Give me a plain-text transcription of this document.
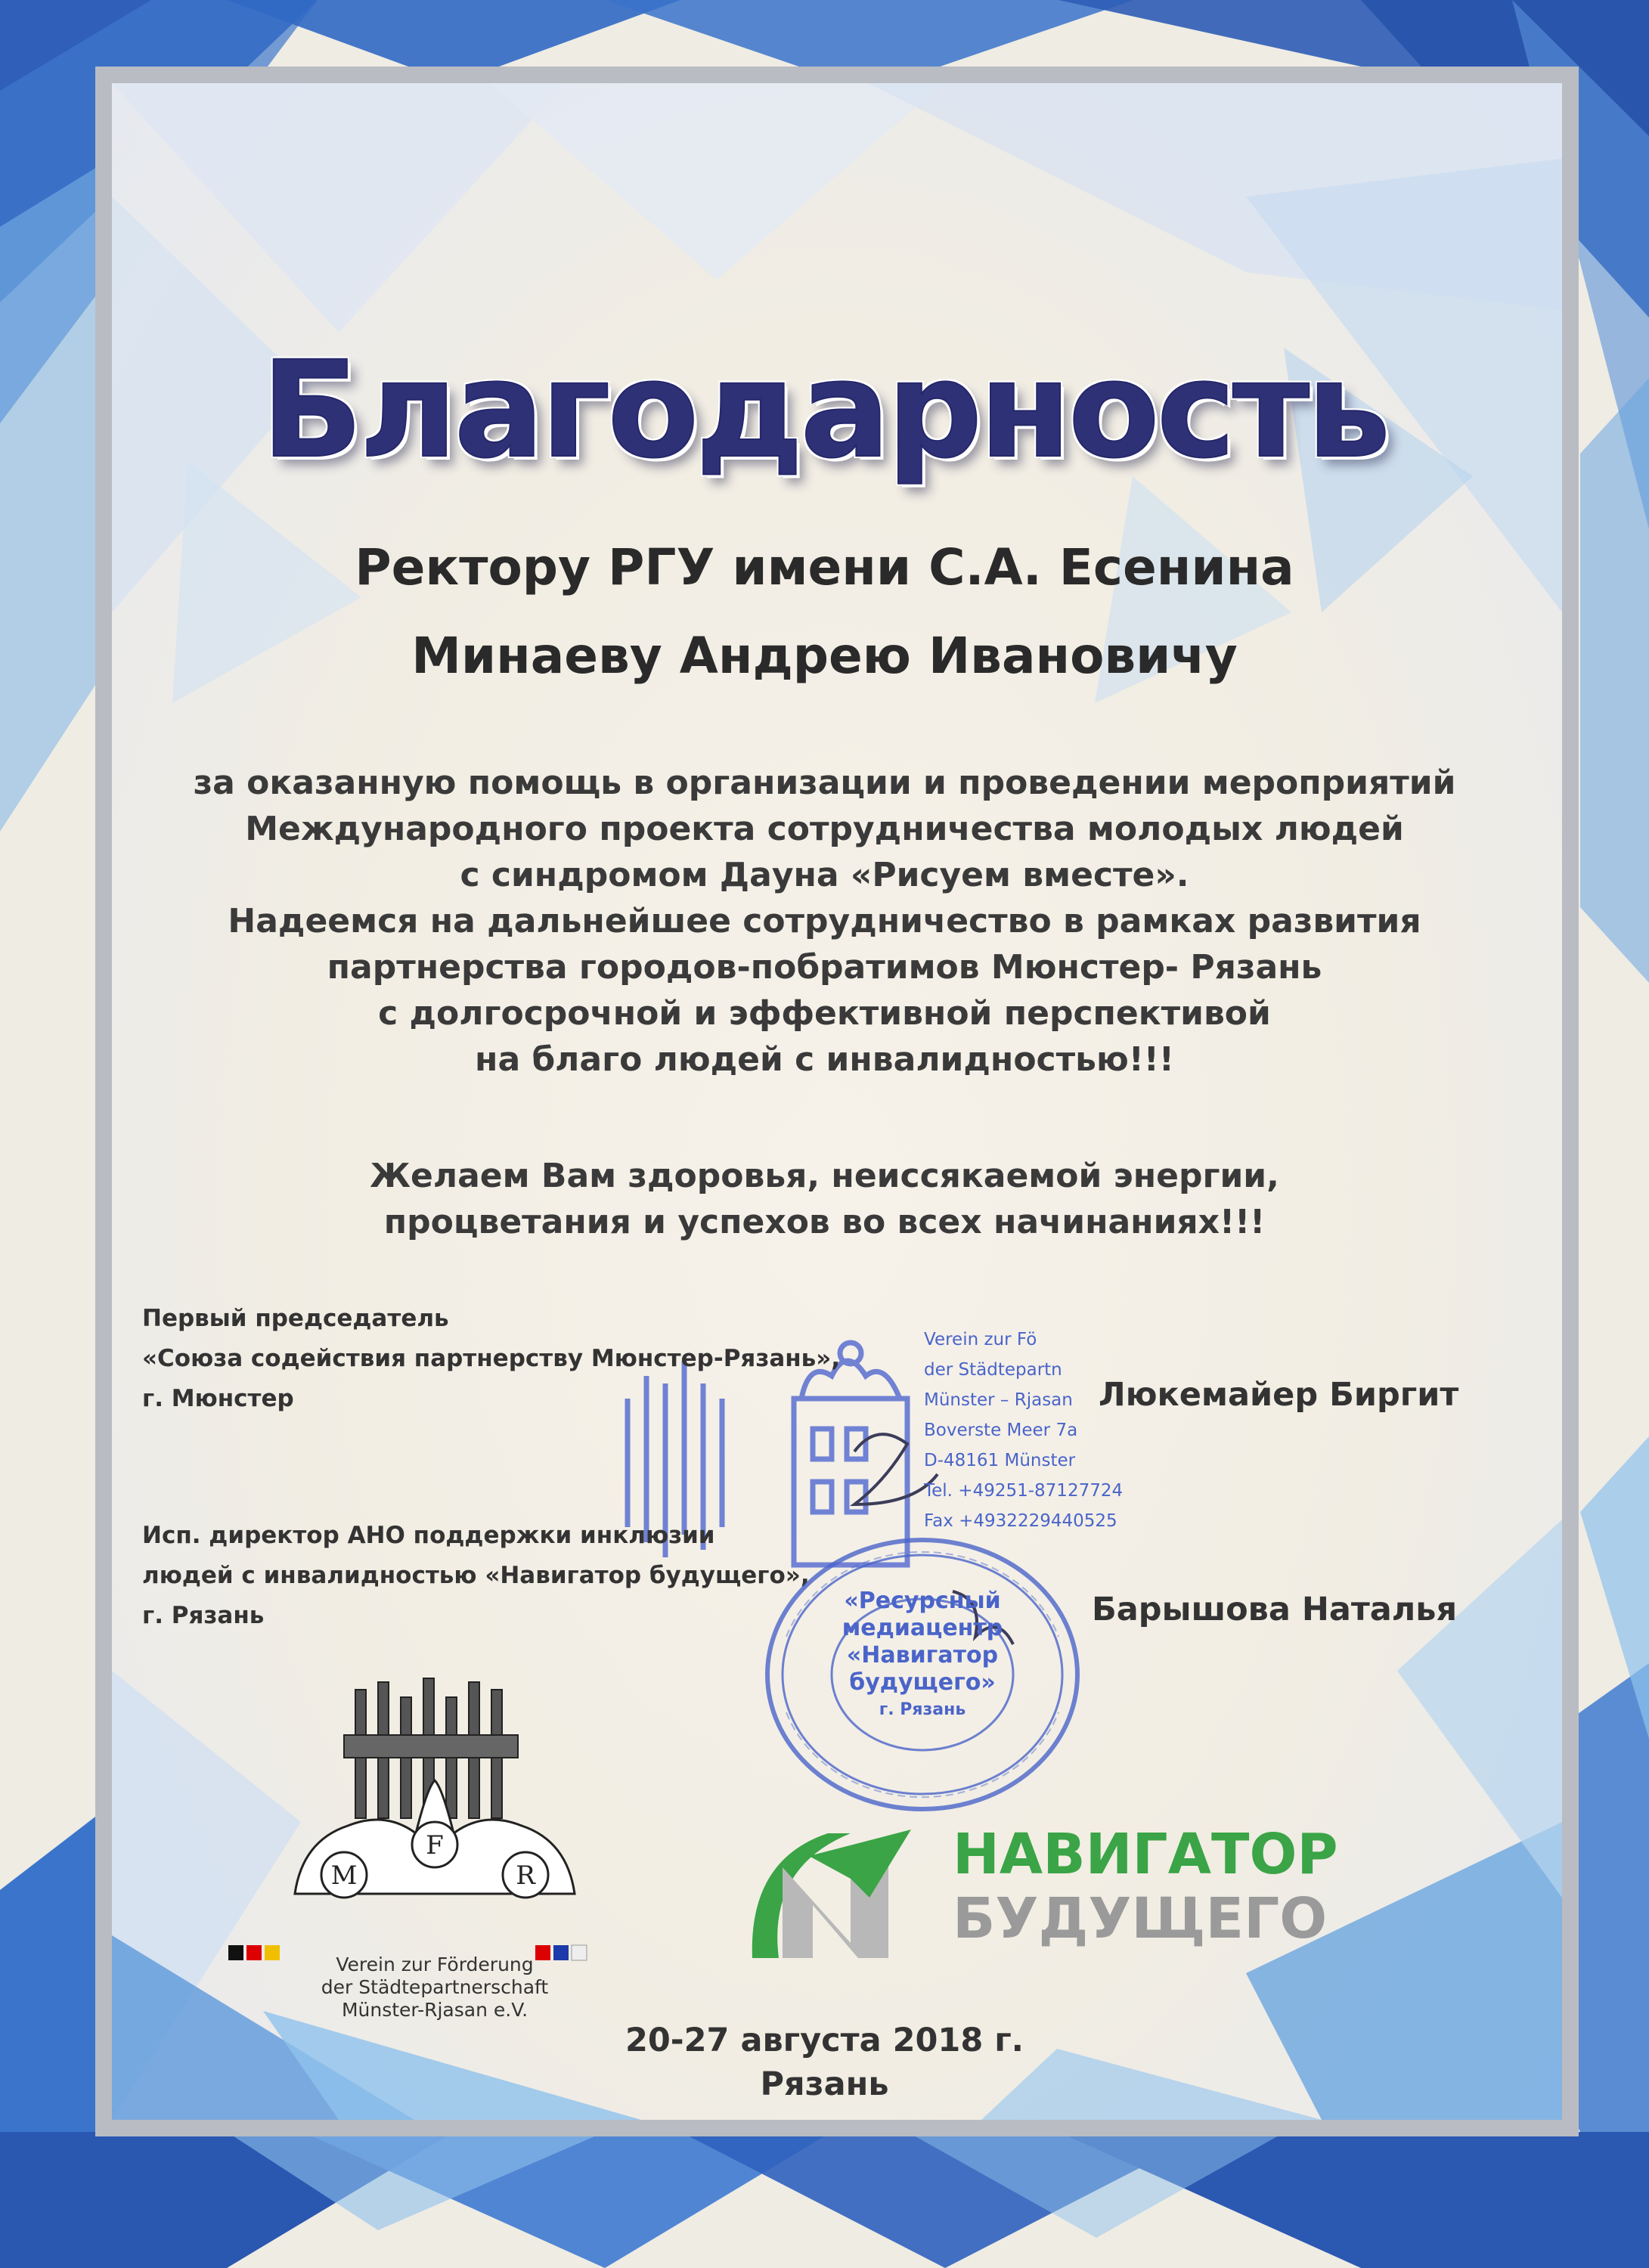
Благодарность
Ректору РГУ имени С.А. Есенина
Минаеву Андрею Ивановичу
за оказанную помощь в организации и проведении мероприятий
Международного проекта сотрудничества молодых людей
с синдромом Дауна «Рисуем вместе».
Надеемся на дальнейшее сотрудничество в рамках развития
партнерства городов-побратимов Мюнстер- Рязань
с долгосрочной и эффективной перспективой
на благо людей с инвалидностью!!!
Желаем Вам здоровья, неиссякаемой энергии,
процветания и успехов во всех начинаниях!!!
Verein zur Fö
der Städtepartn
Münster – Rjasan
Boverste Meer 7a
D-48161 Münster
Tel. +49251-87127724
Fax +4932229440525
Первый председатель
«Союза содействия партнерству Мюнстер-Рязань»,
г. Мюнстер	Люкемайер Биргит
Исп. директор АНО поддержки инклюзии
людей с инвалидностью «Навигатор будущего»,
г. Рязань	Барышова Наталья
«Ресурсный
медиацентр
«Навигатор
будущего»
г. Рязань
F
M	R
Verein zur Förderung
der Städtepartnerschaft
Münster-Rjasan e.V.
НАВИГАТОР
БУДУЩЕГО
20-27 августа 2018 г.
Рязань
